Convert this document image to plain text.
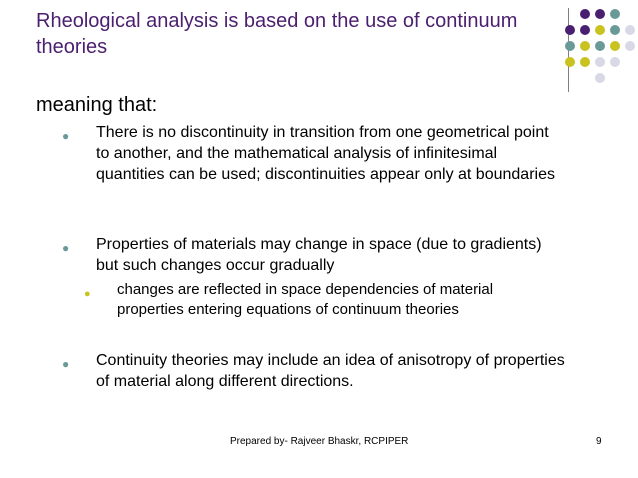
Rheological analysis is based on the use of continuum theories

meaning that:

● There is no discontinuity in transition from one geometrical point to another, and the mathematical analysis of infinitesimal quantities can be used; discontinuities appear only at boundaries
● Properties of materials may change in space (due to gradients) but such changes occur gradually
● changes are reflected in space dependencies of material properties entering equations of continuum theories
● Continuity theories may include an idea of anisotropy of properties of material along different directions.
Prepared by- Rajveer Bhaskr, RCPIPER	9
